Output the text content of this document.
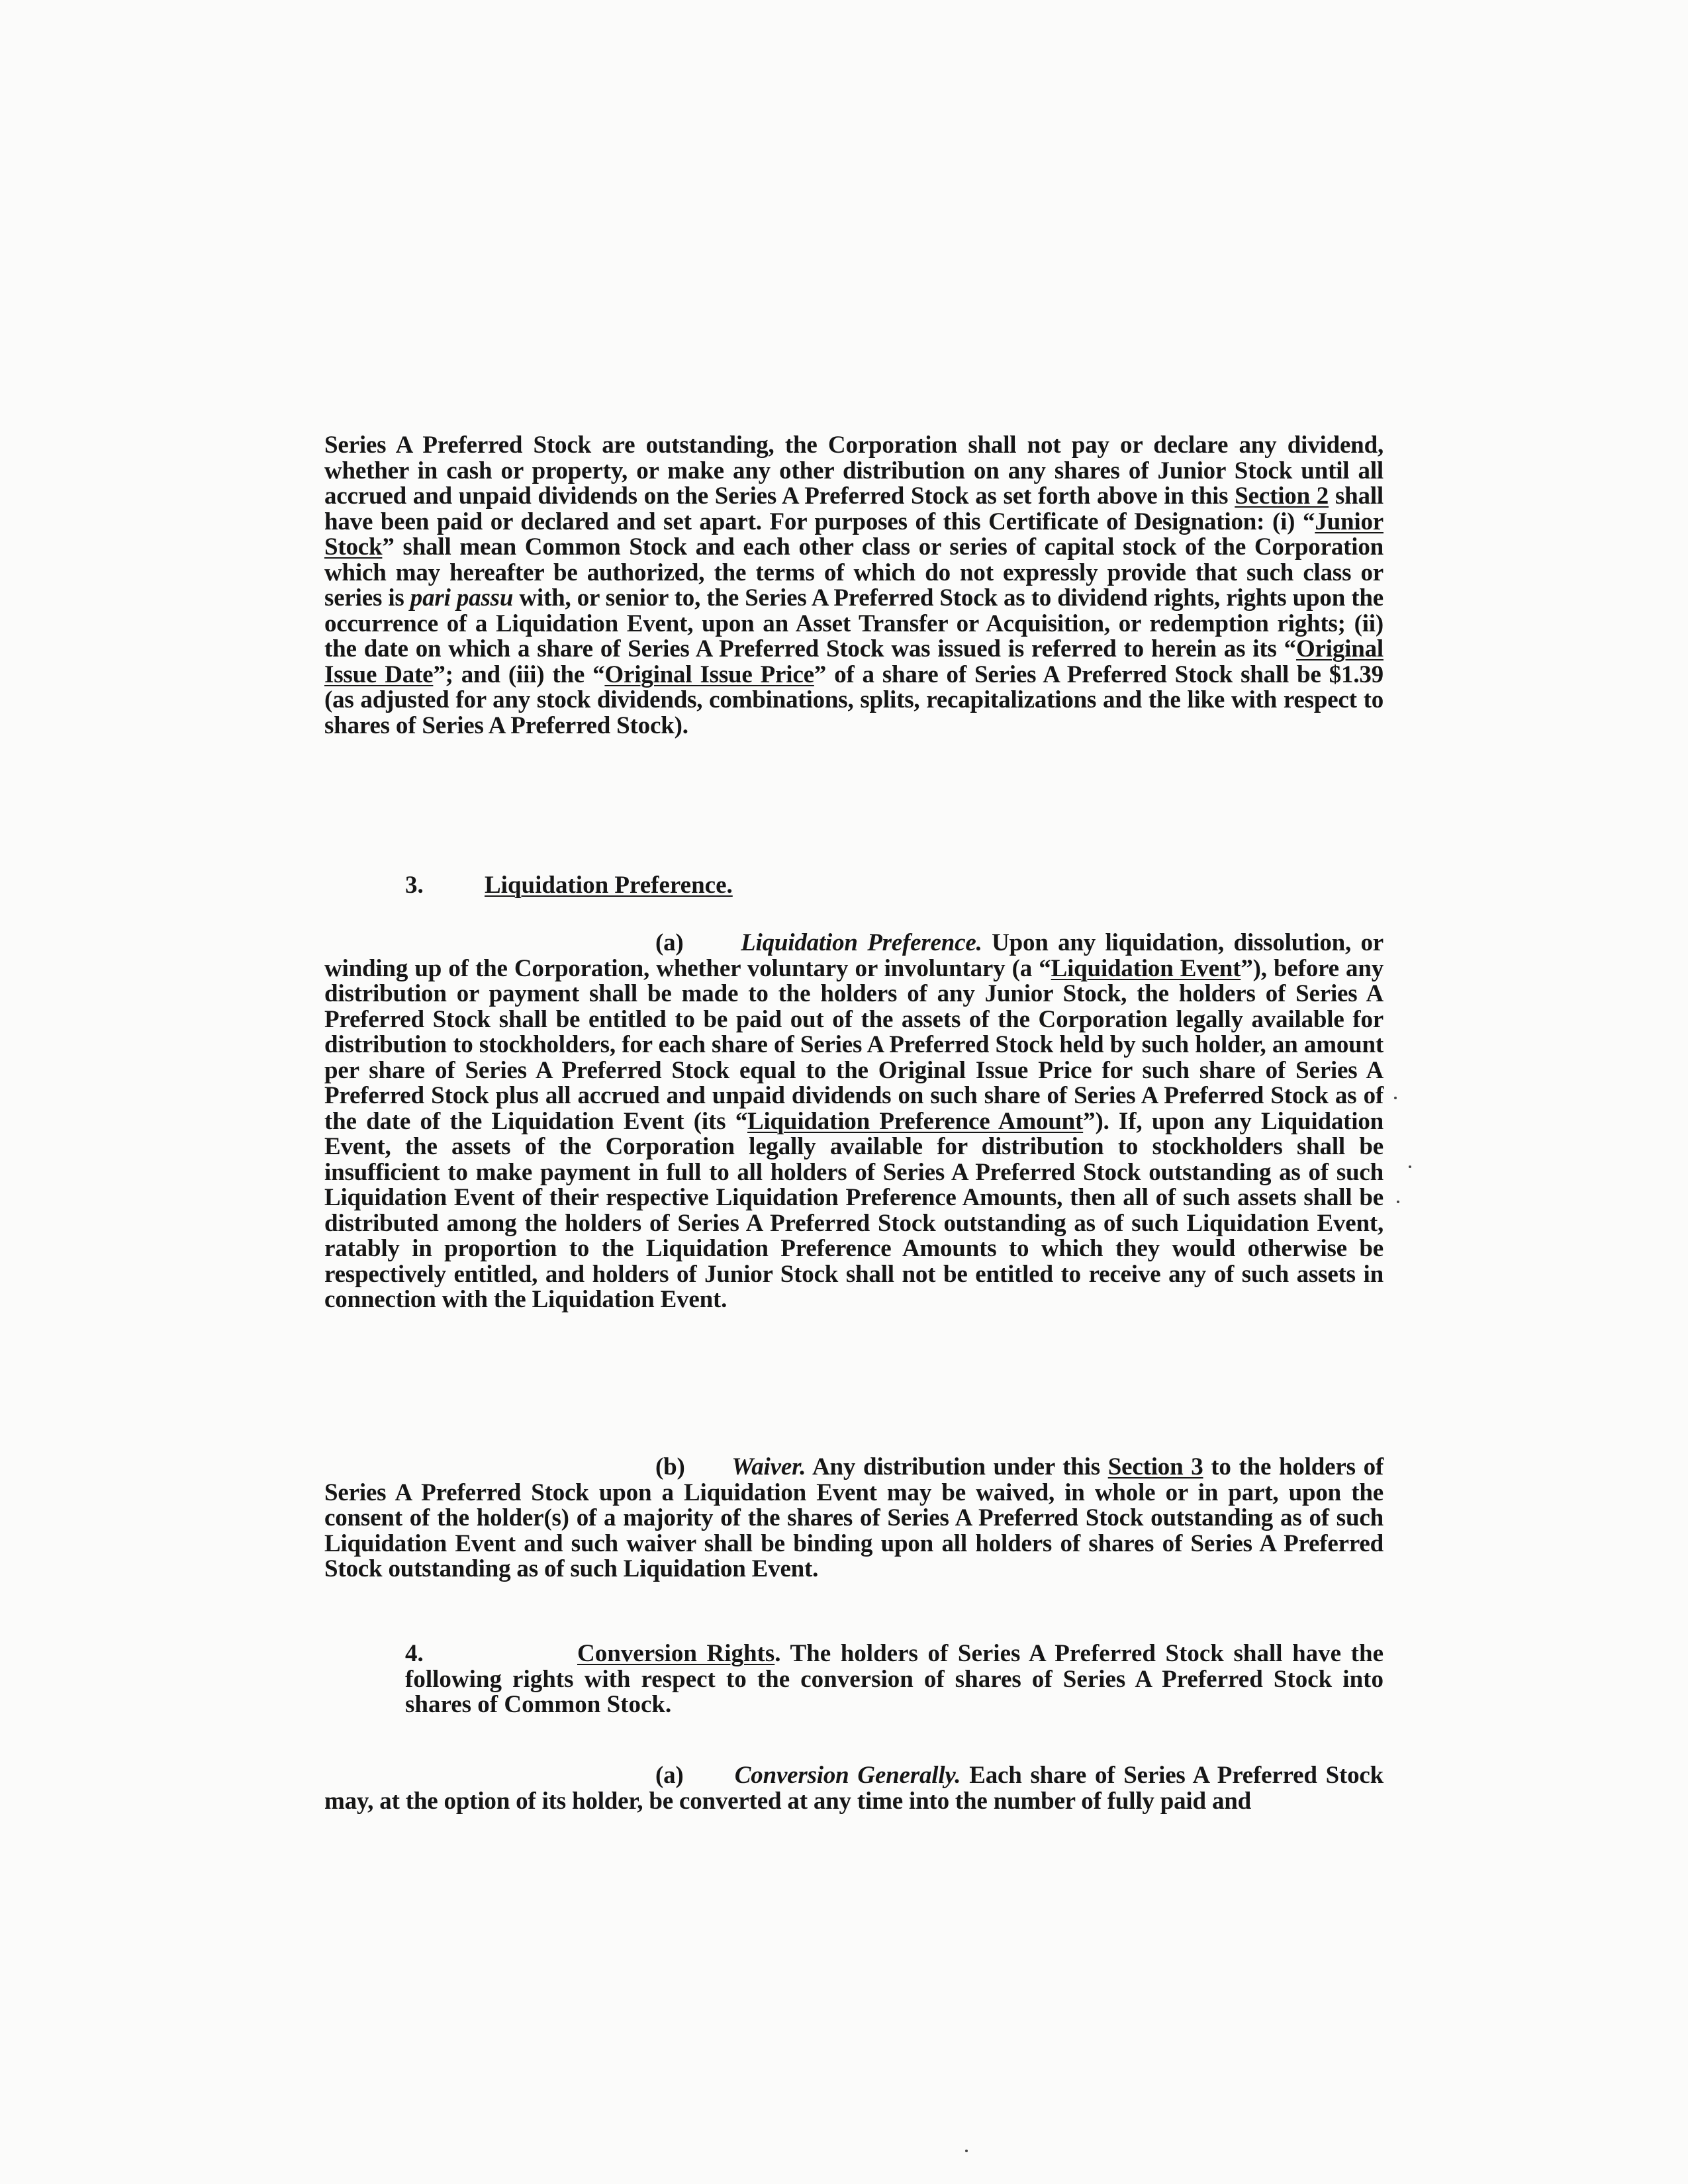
Series A Preferred Stock are outstanding, the Corporation shall not pay or declare any dividend, whether in cash or property, or make any other distribution on any shares of Junior Stock until all accrued and unpaid dividends on the Series A Preferred Stock as set forth above in this Section 2 shall have been paid or declared and set apart. For purposes of this Certificate of Designation: (i) “Junior Stock” shall mean Common Stock and each other class or series of capital stock of the Corporation which may hereafter be authorized, the terms of which do not expressly provide that such class or series is pari passu with, or senior to, the Series A Preferred Stock as to dividend rights, rights upon the occurrence of a Liquidation Event, upon an Asset Transfer or Acquisition, or redemption rights; (ii) the date on which a share of Series A Preferred Stock was issued is referred to herein as its “Original Issue Date”; and (iii) the “Original Issue Price” of a share of Series A Preferred Stock shall be $1.39 (as adjusted for any stock dividends, combinations, splits, recapitalizations and the like with respect to shares of Series A Preferred Stock).

3. Liquidation Preference.

(a) Liquidation Preference. Upon any liquidation, dissolution, or winding up of the Corporation, whether voluntary or involuntary (a “Liquidation Event”), before any distribution or payment shall be made to the holders of any Junior Stock, the holders of Series A Preferred Stock shall be entitled to be paid out of the assets of the Corporation legally available for distribution to stockholders, for each share of Series A Preferred Stock held by such holder, an amount per share of Series A Preferred Stock equal to the Original Issue Price for such share of Series A Preferred Stock plus all accrued and unpaid dividends on such share of Series A Preferred Stock as of the date of the Liquidation Event (its “Liquidation Preference Amount”). If, upon any Liquidation Event, the assets of the Corporation legally available for distribution to stockholders shall be insufficient to make payment in full to all holders of Series A Preferred Stock outstanding as of such Liquidation Event of their respective Liquidation Preference Amounts, then all of such assets shall be distributed among the holders of Series A Preferred Stock outstanding as of such Liquidation Event, ratably in proportion to the Liquidation Preference Amounts to which they would otherwise be respectively entitled, and holders of Junior Stock shall not be entitled to receive any of such assets in connection with the Liquidation Event.

(b) Waiver. Any distribution under this Section 3 to the holders of Series A Preferred Stock upon a Liquidation Event may be waived, in whole or in part, upon the consent of the holder(s) of a majority of the shares of Series A Preferred Stock outstanding as of such Liquidation Event and such waiver shall be binding upon all holders of shares of Series A Preferred Stock outstanding as of such Liquidation Event.

4.	Conversion Rights. The holders of Series A Preferred Stock shall have the following rights with respect to the conversion of shares of Series A Preferred Stock into shares of Common Stock.

(a) Conversion Generally. Each share of Series A Preferred Stock may, at the option of its holder, be converted at any time into the number of fully paid and
